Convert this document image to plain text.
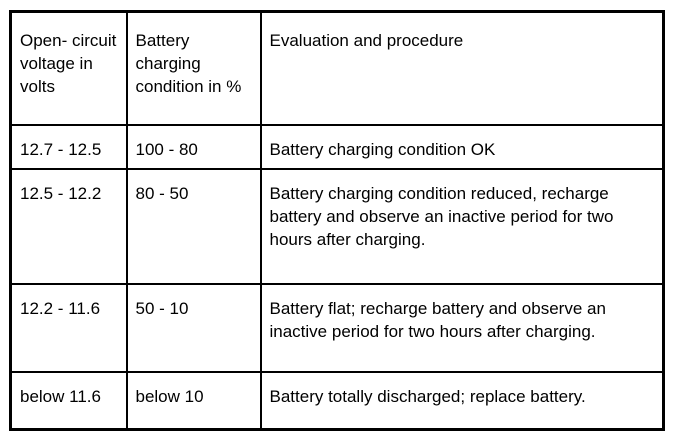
Open- circuit voltage in volts	Battery charging condition in %	Evaluation and procedure
12.7 - 12.5	100 - 80	Battery charging condition OK
12.5 - 12.2	80 - 50	Battery charging condition reduced, recharge battery and observe an inactive period for two hours after charging.
12.2 - 11.6	50 - 10	Battery flat; recharge battery and observe an inactive period for two hours after charging.
below 11.6	below 10	Battery totally discharged; replace battery.
